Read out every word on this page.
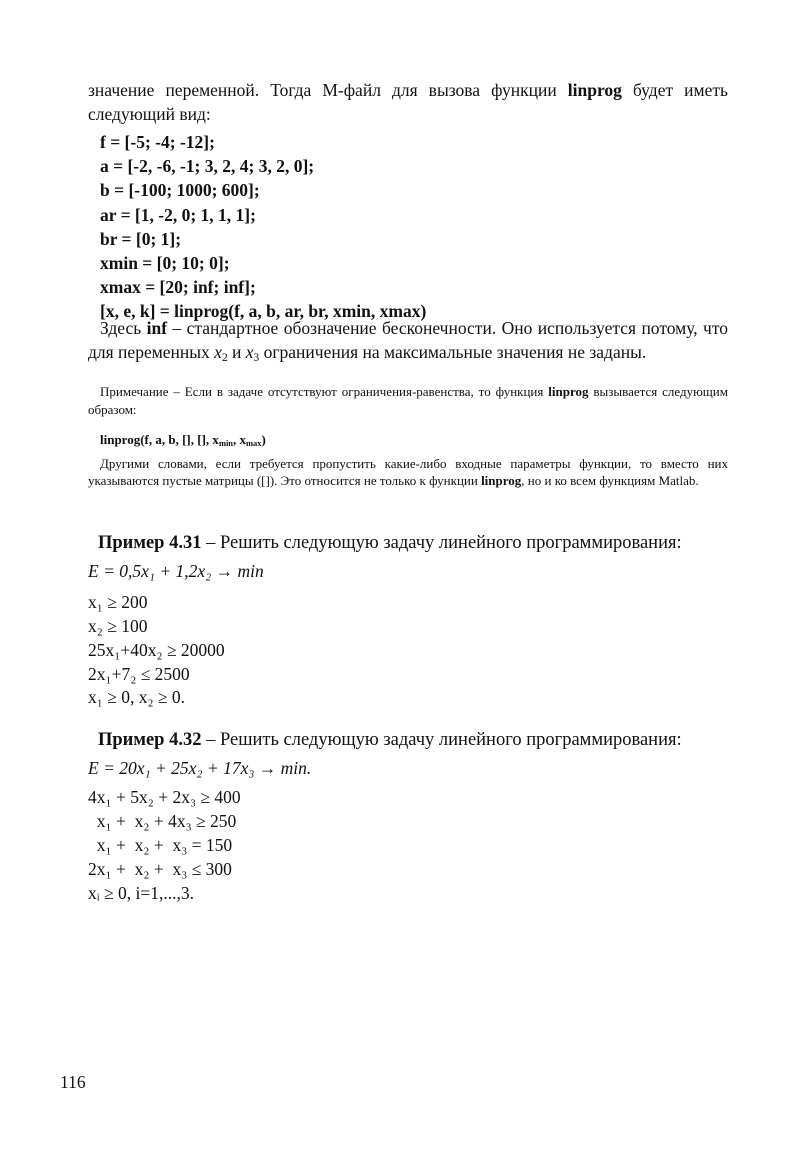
значение переменной. Тогда М-файл для вызова функции linprog будет иметь следующий вид:
f = [-5; -4; -12];
a = [-2, -6, -1; 3, 2, 4; 3, 2, 0];
b = [-100; 1000; 600];
ar = [1, -2, 0; 1, 1, 1];
br = [0; 1];
xmin = [0; 10; 0];
xmax = [20; inf; inf];
[x, e, k] = linprog(f, a, b, ar, br, xmin, xmax)
Здесь inf – стандартное обозначение бесконечности. Оно используется потому, что для переменных $x_2$ и $x_3$ ограничения на максимальные значения не заданы.
Примечание – Если в задаче отсутствуют ограничения-равенства, то функция linprog вызывается следующим образом:
linprog(f, a, b, [], [], $x_{min}$, $x_{max}$)
Другими словами, если требуется пропустить какие-либо входные параметры функции, то вместо них указываются пустые матрицы ([]). Это относится не только к функции linprog, но и ко всем функциям Matlab.
Пример 4.31 – Решить следующую задачу линейного программирования:
E = 0,5x₁ + 1,2x₂ → min
x₁ ≥ 200
x₂ ≥ 100
25x₁+40x₂ ≥ 20000
2x₁+7₂ ≤ 2500
x₁ ≥ 0, x₂ ≥ 0.
Пример 4.32 – Решить следующую задачу линейного программирования:
E = 20x₁ + 25x₂ + 17x₃ → min.
4x₁ + 5x₂ + 2x₃ ≥ 400
x₁ +  x₂ + 4x₃ ≥ 250
x₁ +  x₂ +  x₃ = 150
2x₁ +  x₂ +  x₃ ≤ 300
xᵢ ≥ 0, i=1,...,3.
116
